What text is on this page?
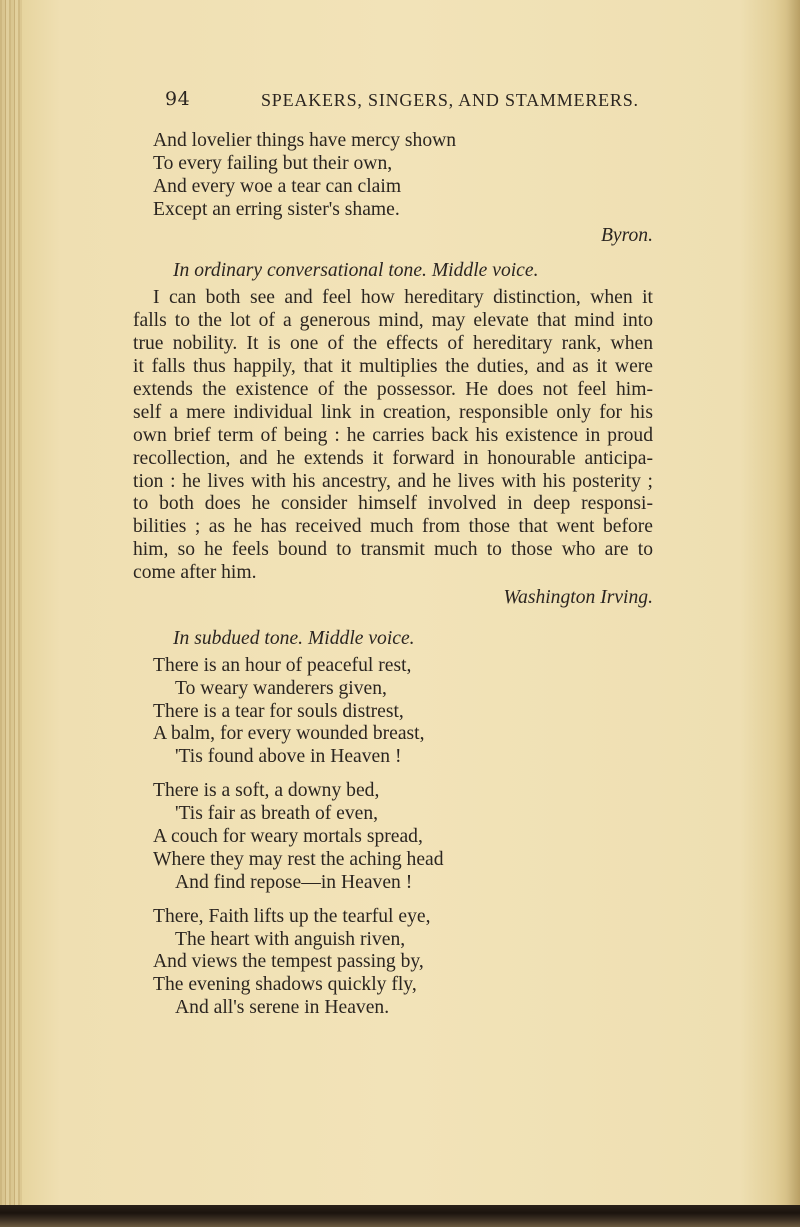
94	SPEAKERS, SINGERS, AND STAMMERERS.
And lovelier things have mercy shown
To every failing but their own,
And every woe a tear can claim
Except an erring sister's shame.
Byron.
In ordinary conversational tone. Middle voice.
I can both see and feel how hereditary distinction, when it
falls to the lot of a generous mind, may elevate that mind into
true nobility. It is one of the effects of hereditary rank, when
it falls thus happily, that it multiplies the duties, and as it were
extends the existence of the possessor. He does not feel him-
self a mere individual link in creation, responsible only for his
own brief term of being : he carries back his existence in proud
recollection, and he extends it forward in honourable anticipa-
tion : he lives with his ancestry, and he lives with his posterity ;
to both does he consider himself involved in deep responsi-
bilities ; as he has received much from those that went before
him, so he feels bound to transmit much to those who are to
come after him.
Washington Irving.
In subdued tone. Middle voice.
There is an hour of peaceful rest,
To weary wanderers given,
There is a tear for souls distrest,
A balm, for every wounded breast,
'Tis found above in Heaven !
There is a soft, a downy bed,
'Tis fair as breath of even,
A couch for weary mortals spread,
Where they may rest the aching head
And find repose—in Heaven !
There, Faith lifts up the tearful eye,
The heart with anguish riven,
And views the tempest passing by,
The evening shadows quickly fly,
And all's serene in Heaven.
